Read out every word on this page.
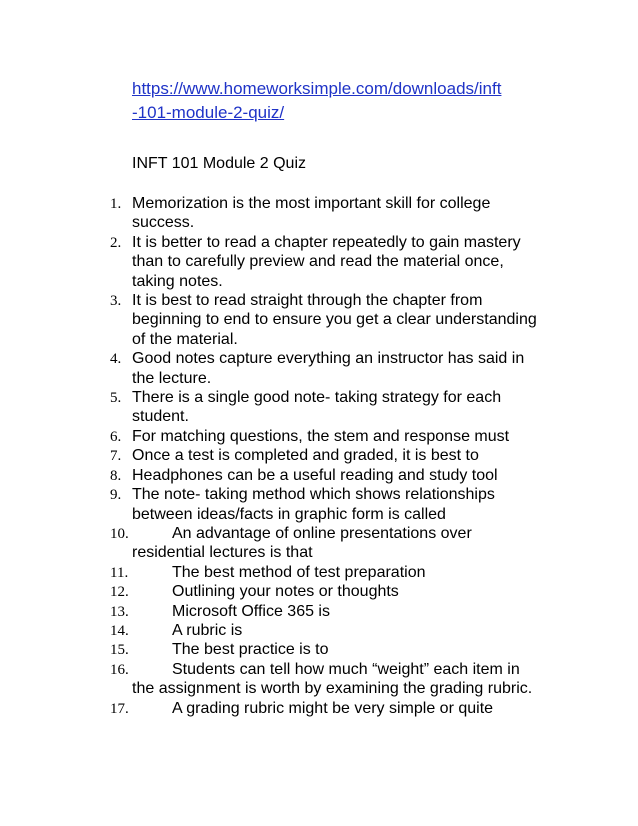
https://www.homeworksimple.com/downloads/inft
-101-module-2-quiz/
INFT 101 Module 2 Quiz
1. Memorization is the most important skill for college success.
2. It is better to read a chapter repeatedly to gain mastery than to carefully preview and read the material once, taking notes.
3. It is best to read straight through the chapter from beginning to end to ensure you get a clear understanding of the material.
4. Good notes capture everything an instructor has said in the lecture.
5. There is a single good note- taking strategy for each student.
6. For matching questions, the stem and response must
7. Once a test is completed and graded, it is best to
8. Headphones can be a useful reading and study tool
9. The note- taking method which shows relationships between ideas/facts in graphic form is called
10.	An advantage of online presentations over residential lectures is that
11.	The best method of test preparation
12.	Outlining your notes or thoughts
13.	Microsoft Office 365 is
14.	A rubric is
15.	The best practice is to
16.	Students can tell how much “weight” each item in the assignment is worth by examining the grading rubric.
17.	A grading rubric might be very simple or quite
